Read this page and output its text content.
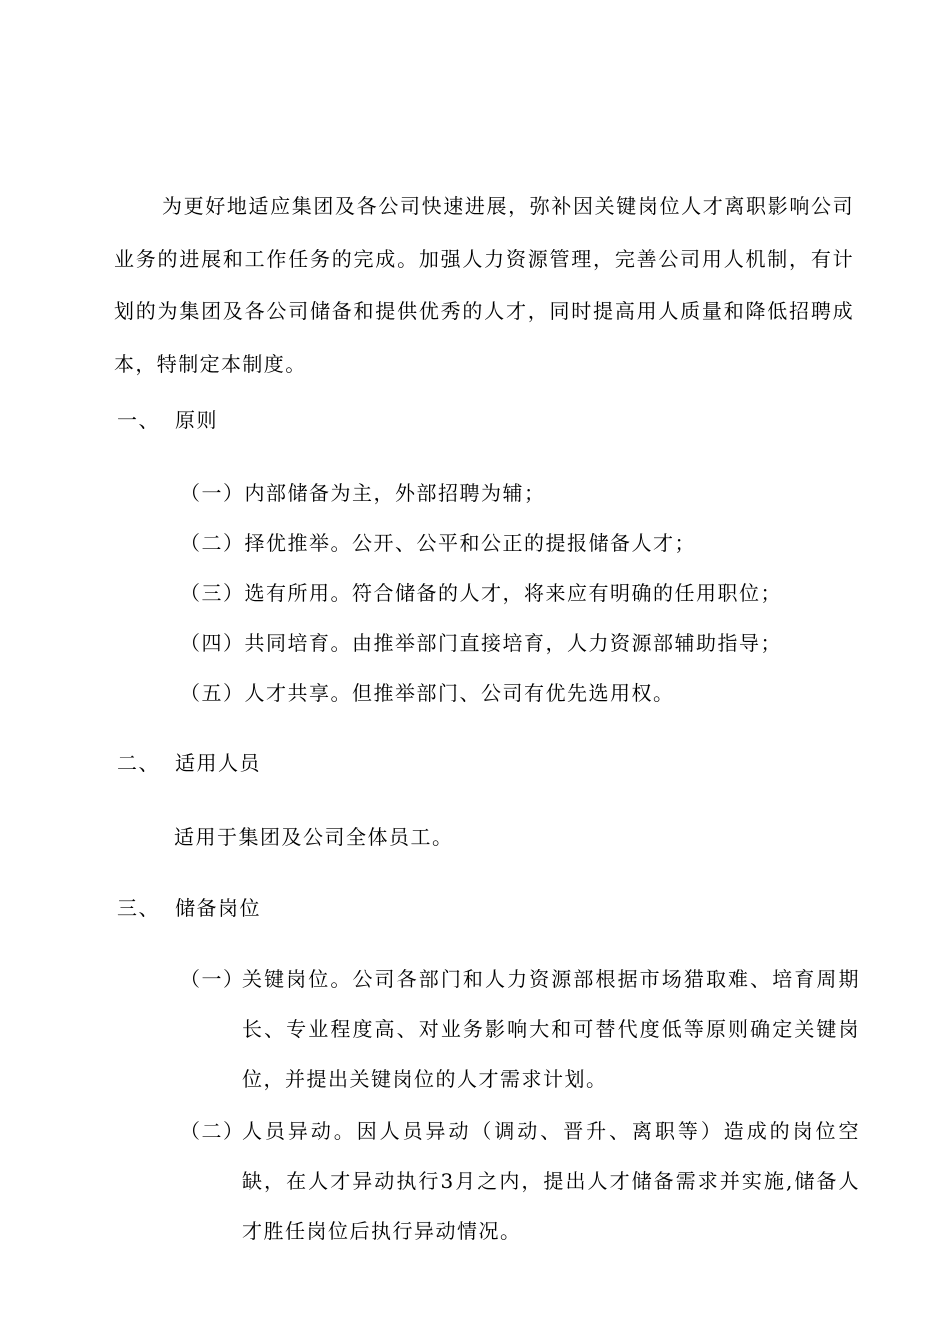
为更好地适应集团及各公司快速进展，弥补因关键岗位人才离职影响公司业务的进展和工作任务的完成。加强人力资源管理，完善公司用人机制，有计划的为集团及各公司储备和提供优秀的人才，同时提高用人质量和降低招聘成本，特制定本制度。

一、 原则

（一）内部储备为主，外部招聘为辅；

（二）择优推举。公开、公平和公正的提报储备人才；

（三）选有所用。符合储备的人才，将来应有明确的任用职位；

（四）共同培育。由推举部门直接培育，人力资源部辅助指导；

（五）人才共享。但推举部门、公司有优先选用权。

二、 适用人员

适用于集团及公司全体员工。

三、 储备岗位

（一）
关键岗位。公司各部门和人力资源部根据市场猎取难、培育周期长、专业程度高、对业务影响大和可替代度低等原则确定关键岗位，并提出关键岗位的人才需求计划。
（二）
人员异动。因人员异动（调动、晋升、离职等）造成的岗位空缺，在人才异动执行3月之内，提出人才储备需求并实施,储备人才胜任岗位后执行异动情况。
